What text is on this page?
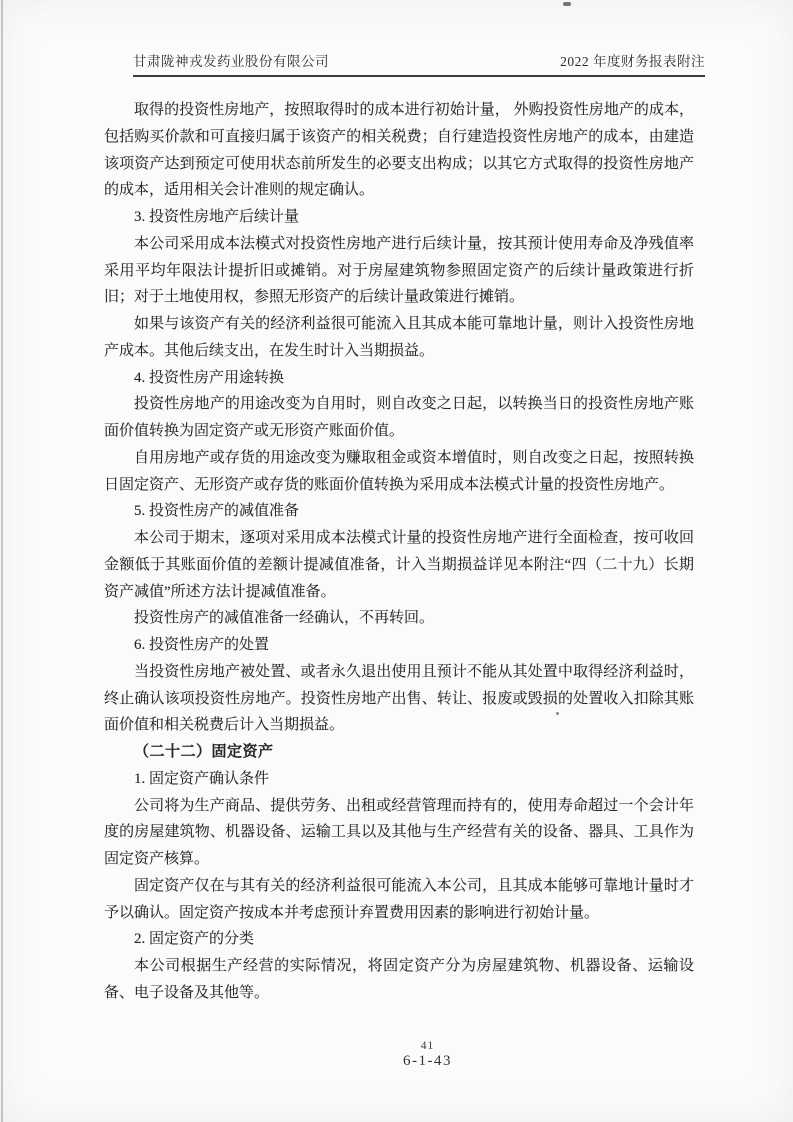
甘肃陇神戎发药业股份有限公司	2022 年度财务报表附注

取得的投资性房地产，按照取得时的成本进行初始计量， 外购投资性房地产的成本，包括购买价款和可直接归属于该资产的相关税费；自行建造投资性房地产的成本，由建造该项资产达到预定可使用状态前所发生的必要支出构成；以其它方式取得的投资性房地产的成本，适用相关会计准则的规定确认。

3. 投资性房地产后续计量

本公司采用成本法模式对投资性房地产进行后续计量，按其预计使用寿命及净残值率采用平均年限法计提折旧或摊销。对于房屋建筑物参照固定资产的后续计量政策进行折旧；对于土地使用权，参照无形资产的后续计量政策进行摊销。

如果与该资产有关的经济利益很可能流入且其成本能可靠地计量，则计入投资性房地产成本。其他后续支出，在发生时计入当期损益。

4. 投资性房产用途转换

投资性房地产的用途改变为自用时，则自改变之日起，以转换当日的投资性房地产账面价值转换为固定资产或无形资产账面价值。

自用房地产或存货的用途改变为赚取租金或资本增值时，则自改变之日起，按照转换日固定资产、无形资产或存货的账面价值转换为采用成本法模式计量的投资性房地产。

5. 投资性房产的减值准备

本公司于期末，逐项对采用成本法模式计量的投资性房地产进行全面检查，按可收回金额低于其账面价值的差额计提减值准备，计入当期损益详见本附注“四（二十九）长期资产减值”所述方法计提减值准备。

投资性房产的减值准备一经确认，不再转回。

6. 投资性房产的处置

当投资性房地产被处置、或者永久退出使用且预计不能从其处置中取得经济利益时，终止确认该项投资性房地产。投资性房地产出售、转让、报废或毁损的处置收入扣除其账面价值和相关税费后计入当期损益。

（二十二）固定资产

1. 固定资产确认条件

公司将为生产商品、提供劳务、出租或经营管理而持有的，使用寿命超过一个会计年度的房屋建筑物、机器设备、运输工具以及其他与生产经营有关的设备、器具、工具作为固定资产核算。

固定资产仅在与其有关的经济利益很可能流入本公司，且其成本能够可靠地计量时才予以确认。固定资产按成本并考虑预计弃置费用因素的影响进行初始计量。

2. 固定资产的分类

本公司根据生产经营的实际情况，将固定资产分为房屋建筑物、机器设备、运输设备、电子设备及其他等。

41
6-1-43
